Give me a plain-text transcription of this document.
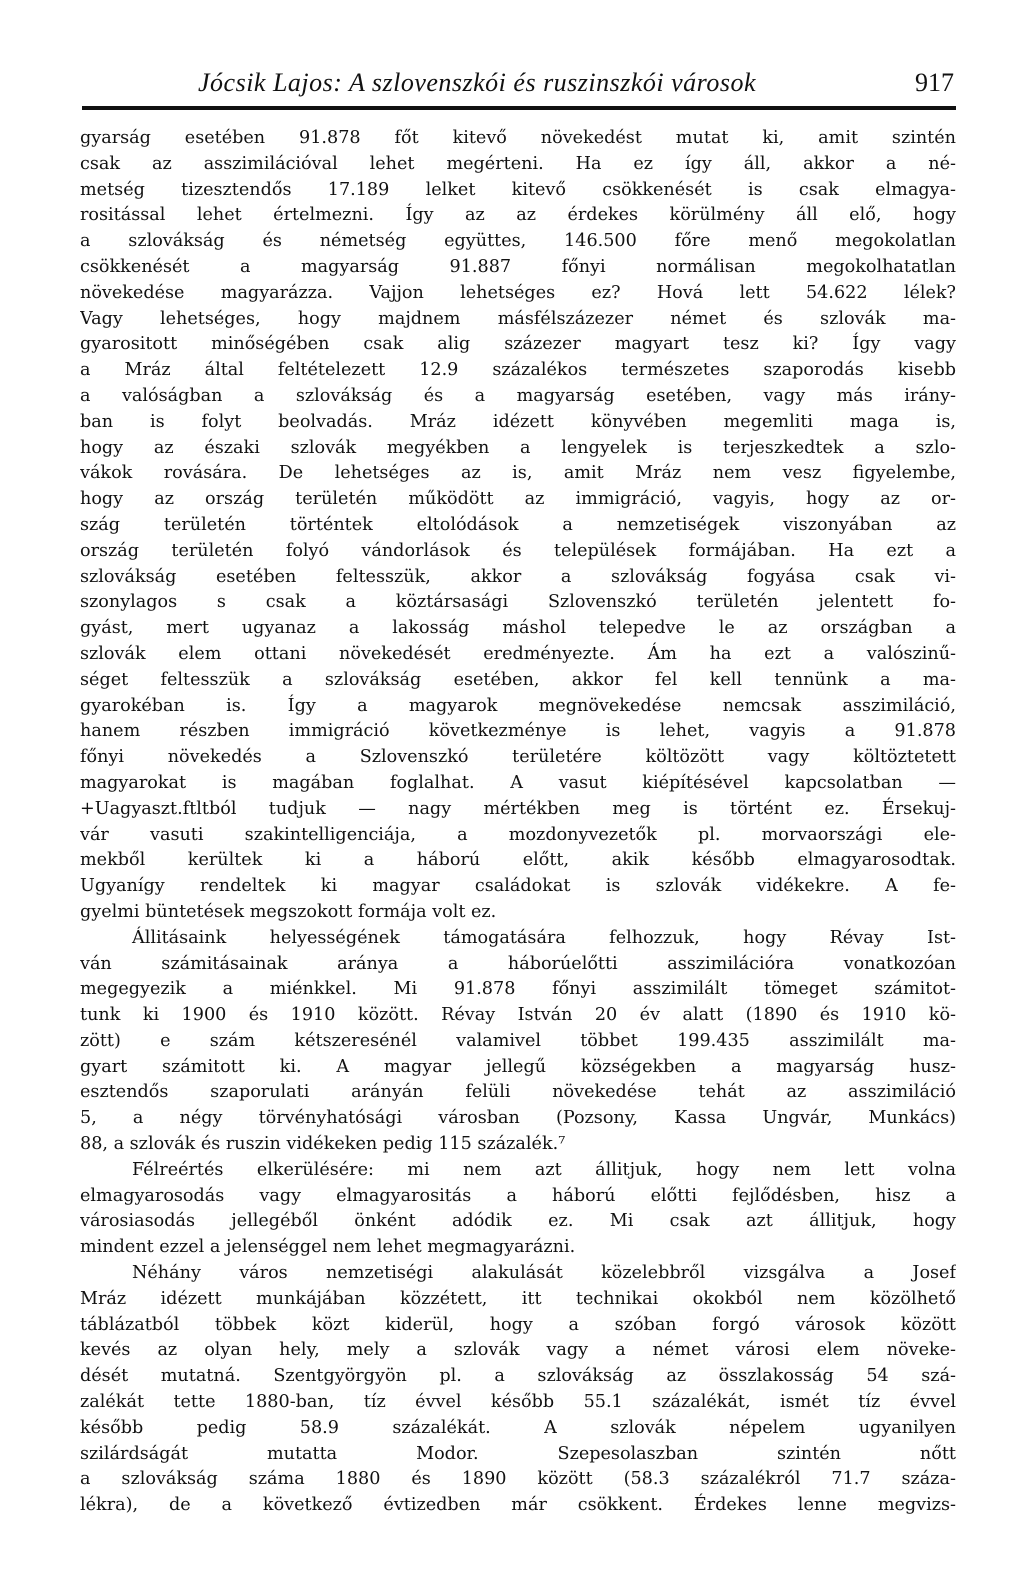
Jócsik Lajos: A szlovenszkói és ruszinszkói városok	917
gyarság esetében 91.878 főt kitevő növekedést mutat ki, amit szintén
csak az asszimilációval lehet megérteni. Ha ez így áll, akkor a né-
metség tizesztendős 17.189 lelket kitevő csökkenését is csak elmagya-
rositással lehet értelmezni. Így az az érdekes körülmény áll elő, hogy
a szlovákság és németség együttes, 146.500 főre menő megokolatlan
csökkenését a magyarság 91.887 főnyi normálisan megokolhatatlan
növekedése magyarázza. Vajjon lehetséges ez? Hová lett 54.622 lélek?
Vagy lehetséges, hogy majdnem másfélszázezer német és szlovák ma-
gyarositott minőségében csak alig százezer magyart tesz ki? Így vagy
a Mráz által feltételezett 12.9 százalékos természetes szaporodás kisebb
a valóságban a szlovákság és a magyarság esetében, vagy más irány-
ban is folyt beolvadás. Mráz idézett könyvében megemliti maga is,
hogy az északi szlovák megyékben a lengyelek is terjeszkedtek a szlo-
vákok rovására. De lehetséges az is, amit Mráz nem vesz figyelembe,
hogy az ország területén működött az immigráció, vagyis, hogy az or-
szág területén történtek eltolódások a nemzetiségek viszonyában az
ország területén folyó vándorlások és települések formájában. Ha ezt a
szlovákság esetében feltesszük, akkor a szlovákság fogyása csak vi-
szonylagos s csak a köztársasági Szlovenszkó területén jelentett fo-
gyást, mert ugyanaz a lakosság máshol telepedve le az országban a
szlovák elem ottani növekedését eredményezte. Ám ha ezt a valószinű-
séget feltesszük a szlovákság esetében, akkor fel kell tennünk a ma-
gyarokéban is. Így a magyarok megnövekedése nemcsak asszimiláció,
hanem részben immigráció következménye is lehet, vagyis a 91.878
főnyi növekedés a Szlovenszkó területére költözött vagy költöztetett
magyarokat is magában foglalhat. A vasut kiépítésével kapcsolatban —
+Uagyaszt.ftltból tudjuk — nagy mértékben meg is történt ez. Érsekuj-
vár vasuti szakintelligenciája, a mozdonyvezetők pl. morvaországi ele-
mekből kerültek ki a háború előtt, akik később elmagyarosodtak.
Ugyanígy rendeltek ki magyar családokat is szlovák vidékekre. A fe-
gyelmi büntetések megszokott formája volt ez.
Állitásaink helyességének támogatására felhozzuk, hogy Révay Ist-
ván számitásainak aránya a háborúelőtti asszimilációra vonatkozóan
megegyezik a miénkkel. Mi 91.878 főnyi asszimilált tömeget számitot-
tunk ki 1900 és 1910 között. Révay István 20 év alatt (1890 és 1910 kö-
zött) e szám kétszeresénél valamivel többet 199.435 asszimilált ma-
gyart számitott ki. A magyar jellegű községekben a magyarság husz-
esztendős szaporulati arányán felüli növekedése tehát az asszimiláció
5, a négy törvényhatósági városban (Pozsony, Kassa Ungvár, Munkács)
88, a szlovák és ruszin vidékeken pedig 115 százalék.⁷
Félreértés elkerülésére: mi nem azt állitjuk, hogy nem lett volna
elmagyarosodás vagy elmagyarositás a háború előtti fejlődésben, hisz a
városiasodás jellegéből önként adódik ez. Mi csak azt állitjuk, hogy
mindent ezzel a jelenséggel nem lehet megmagyarázni.
Néhány város nemzetiségi alakulását közelebbről vizsgálva a Josef
Mráz idézett munkájában közzétett, itt technikai okokból nem közölhető
táblázatból többek közt kiderül, hogy a szóban forgó városok között
kevés az olyan hely, mely a szlovák vagy a német városi elem növeke-
dését mutatná. Szentgyörgyön pl. a szlovákság az összlakosság 54 szá-
zalékát tette 1880-ban, tíz évvel később 55.1 százalékát, ismét tíz évvel
később pedig 58.9 százalékát. A szlovák népelem ugyanilyen
szilárdságát mutatta Modor. Szepesolaszban szintén nőtt
a szlovákság száma 1880 és 1890 között (58.3 százalékról 71.7 száza-
lékra), de a következő évtizedben már csökkent. Érdekes lenne megvizs-
